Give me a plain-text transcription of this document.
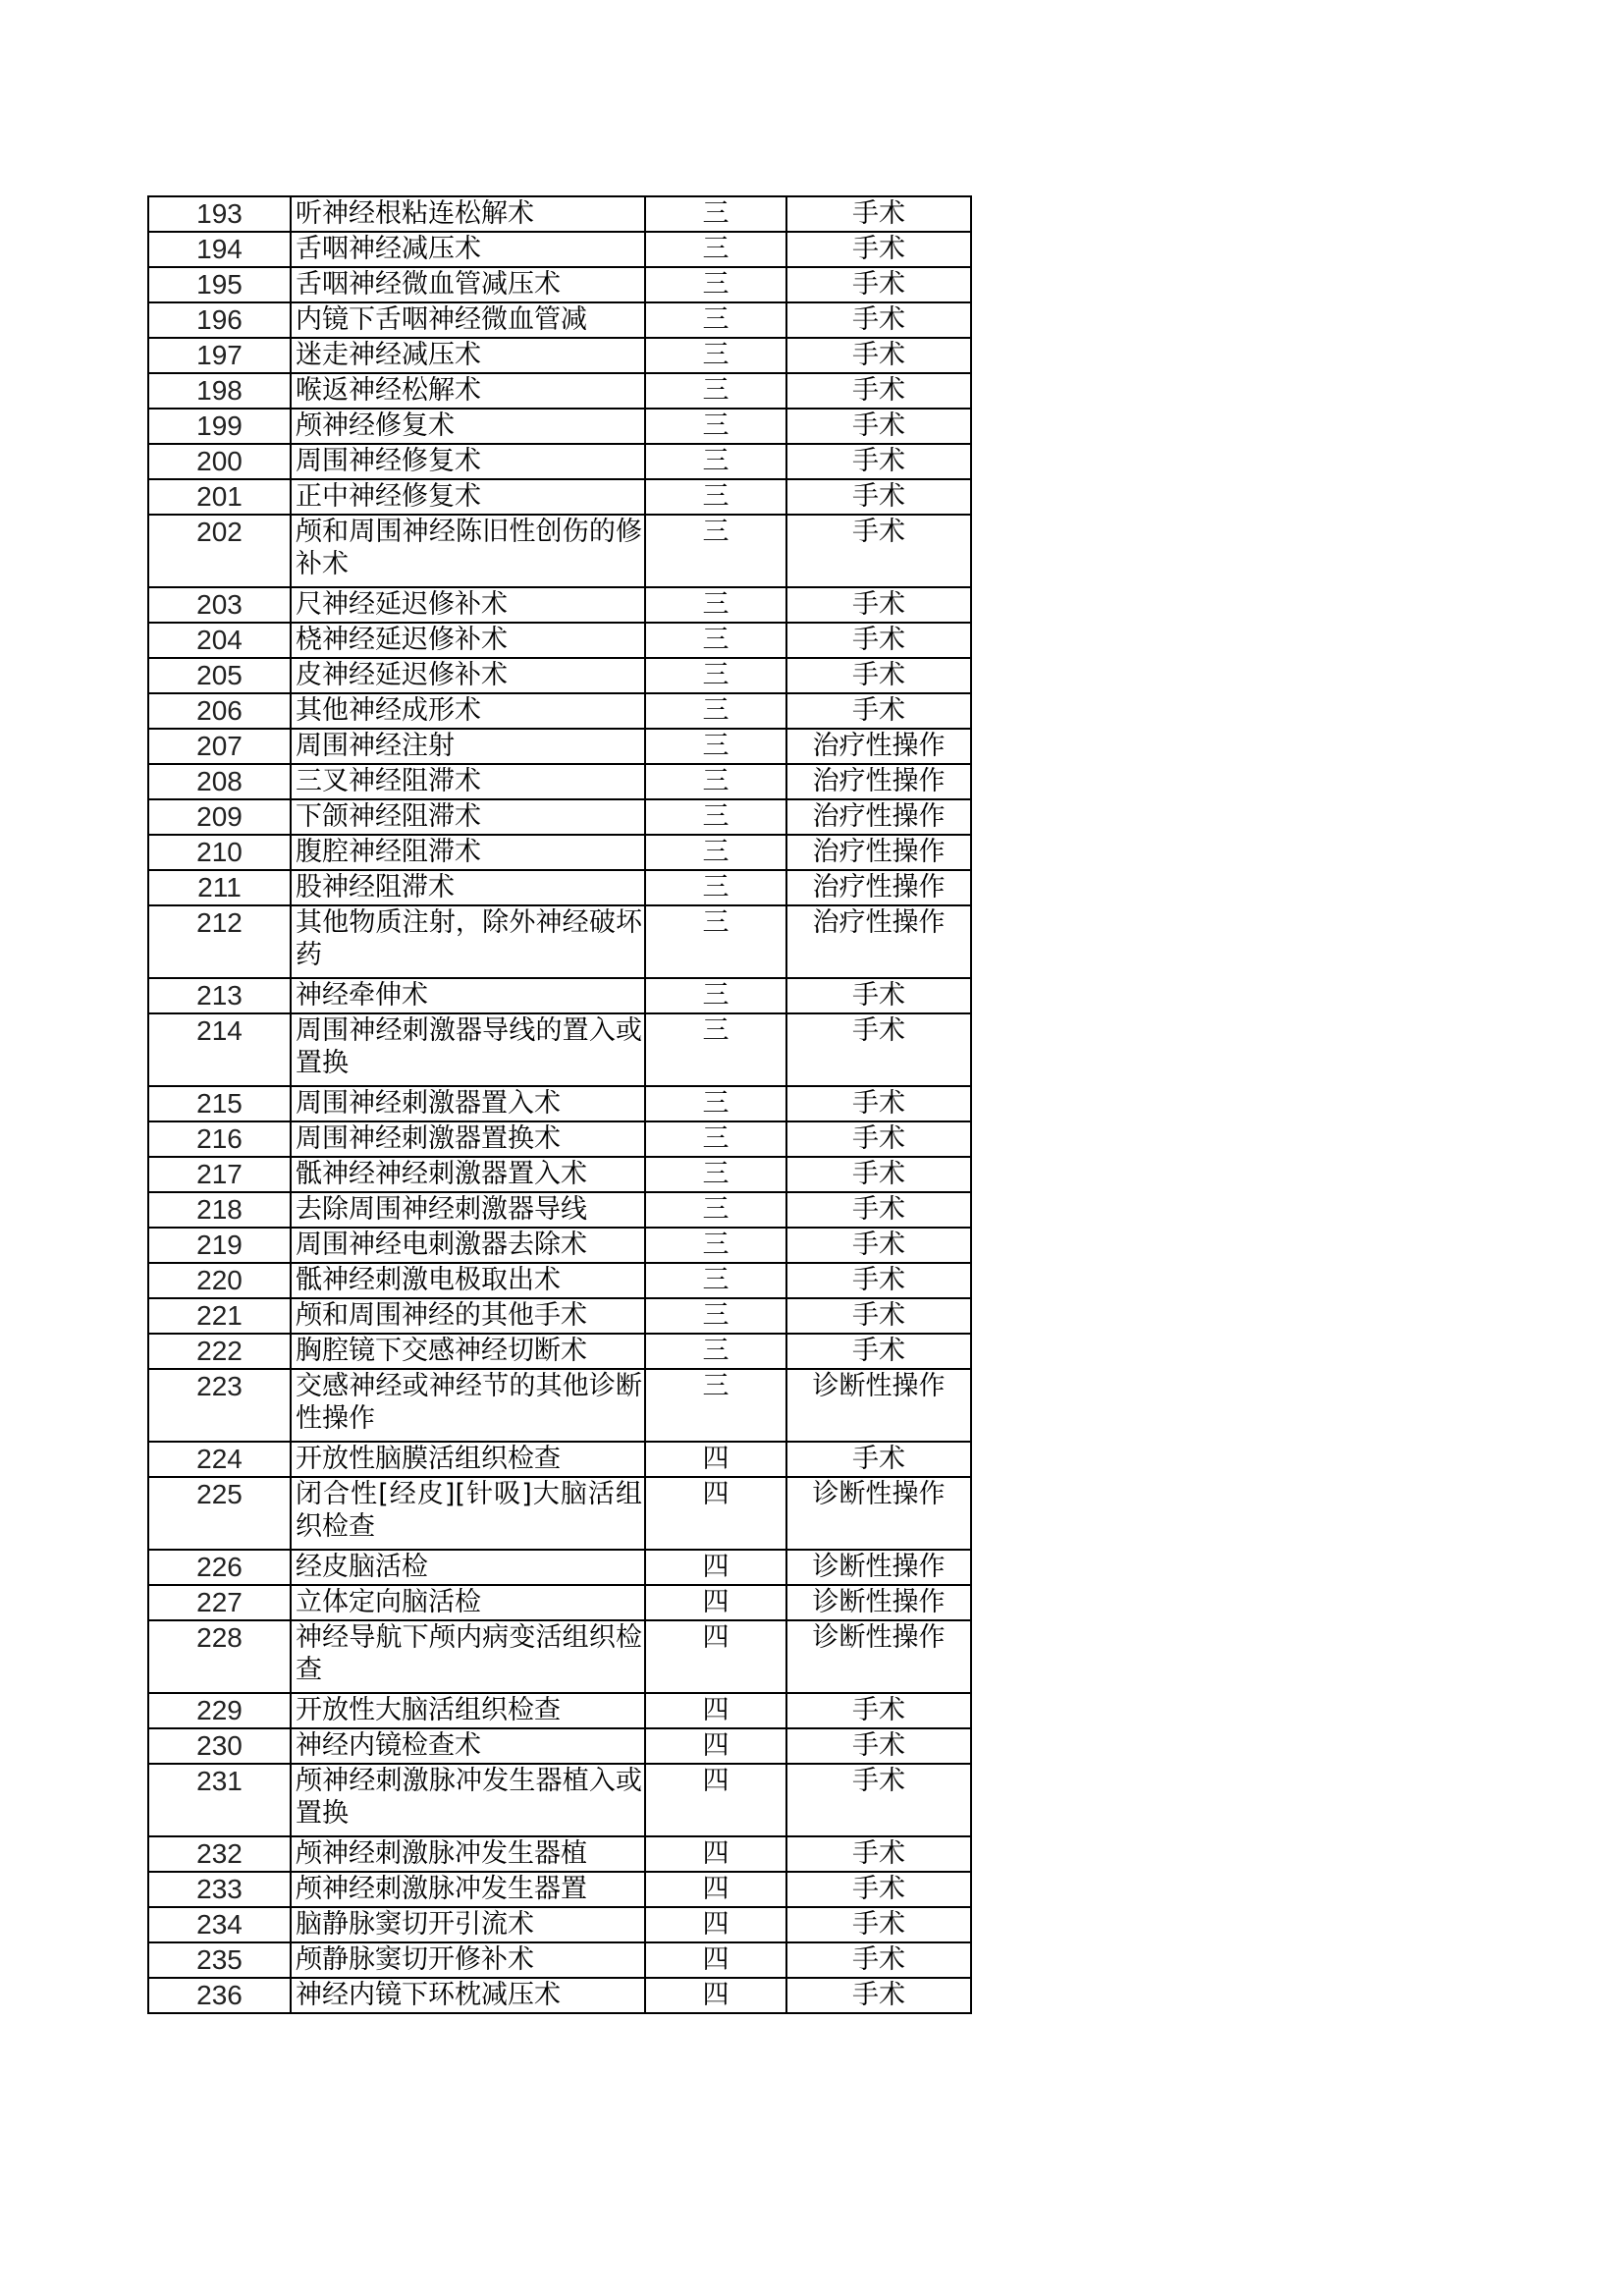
193	听神经根粘连松解术	三	手术
194	舌咽神经减压术	三	手术
195	舌咽神经微血管减压术	三	手术
196	内镜下舌咽神经微血管减	三	手术
197	迷走神经减压术	三	手术
198	喉返神经松解术	三	手术
199	颅神经修复术	三	手术
200	周围神经修复术	三	手术
201	正中神经修复术	三	手术
202	颅和周围神经陈旧性创伤的修补术	三	手术
203	尺神经延迟修补术	三	手术
204	桡神经延迟修补术	三	手术
205	皮神经延迟修补术	三	手术
206	其他神经成形术	三	手术
207	周围神经注射	三	治疗性操作
208	三叉神经阻滞术	三	治疗性操作
209	下颌神经阻滞术	三	治疗性操作
210	腹腔神经阻滞术	三	治疗性操作
211	股神经阻滞术	三	治疗性操作
212	其他物质注射，除外神经破坏药	三	治疗性操作
213	神经牵伸术	三	手术
214	周围神经刺激器导线的置入或置换	三	手术
215	周围神经刺激器置入术	三	手术
216	周围神经刺激器置换术	三	手术
217	骶神经神经刺激器置入术	三	手术
218	去除周围神经刺激器导线	三	手术
219	周围神经电刺激器去除术	三	手术
220	骶神经刺激电极取出术	三	手术
221	颅和周围神经的其他手术	三	手术
222	胸腔镜下交感神经切断术	三	手术
223	交感神经或神经节的其他诊断性操作	三	诊断性操作
224	开放性脑膜活组织检查	四	手术
225	闭合性[经皮][针吸]大脑活组织检查	四	诊断性操作
226	经皮脑活检	四	诊断性操作
227	立体定向脑活检	四	诊断性操作
228	神经导航下颅内病变活组织检查	四	诊断性操作
229	开放性大脑活组织检查	四	手术
230	神经内镜检查术	四	手术
231	颅神经刺激脉冲发生器植入或置换	四	手术
232	颅神经刺激脉冲发生器植	四	手术
233	颅神经刺激脉冲发生器置	四	手术
234	脑静脉窦切开引流术	四	手术
235	颅静脉窦切开修补术	四	手术
236	神经内镜下环枕减压术	四	手术
